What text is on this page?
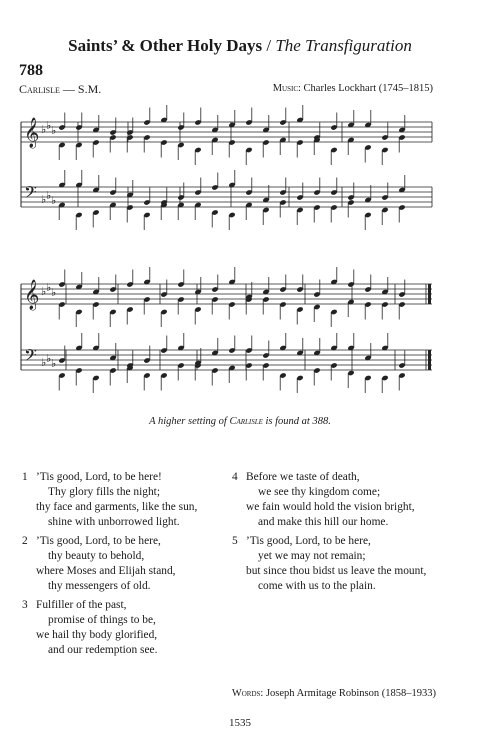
Saints’ & Other Holy Days / The Transfiguration
788
Carlisle — S.M.	Music: Charles Lockhart (1745–1815)
𝄞
𝄢
♭
♭
♭
♭
♭
♭
𝄞
𝄢
♭
♭
♭
♭
♭
♭
A higher setting of Carlisle is found at 388.
1 ’Tis good, Lord, to be here!
Thy glory fills the night;
thy face and garments, like the sun,
shine with unborrowed light.
2 ’Tis good, Lord, to be here,
thy beauty to behold,
where Moses and Elijah stand,
thy messengers of old.
3 Fulfiller of the past,
promise of things to be,
we hail thy body glorified,
and our redemption see.
4 Before we taste of death,
we see thy kingdom come;
we fain would hold the vision bright,
and make this hill our home.
5 ’Tis good, Lord, to be here,
yet we may not remain;
but since thou bidst us leave the mount,
come with us to the plain.
Words: Joseph Armitage Robinson (1858–1933)
1535
